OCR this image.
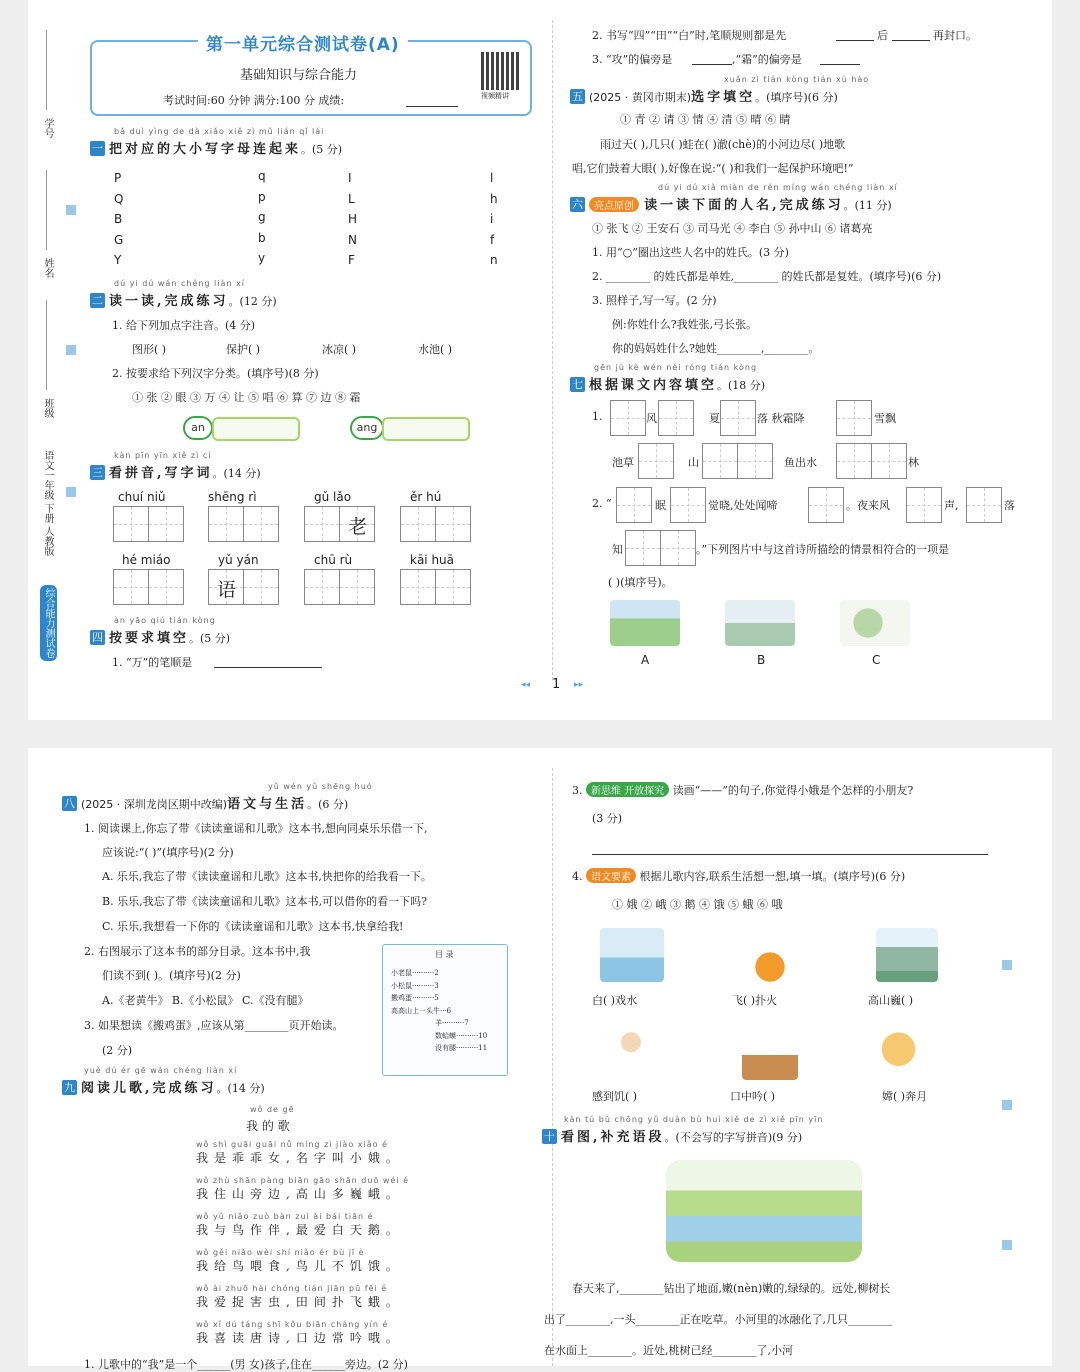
学号
姓名
班级
语文一年级 下册 人教版
综合能力测试卷
第一单元综合测试卷(A)
基础知识与综合能力
考试时间:60 分钟 满分:100 分 成绩:	视频精讲
bǎ duì yìng de dà xiǎo xiě zì mǔ lián qǐ lái
一 把对应的大小写字母连起来。(5 分)
P
Q
B
G
Y
q
p
g
b
y
I
L
H
N
F
l
h
i
f
n
dú yi dú wán chéng liàn xí
二 读一读,完成练习。(12 分)
1. 给下列加点字注音。(4 分)
图形( )	保护( )	冰凉( )	水池( )
2. 按要求给下列汉字分类。(填序号)(8 分)
① 张 ② 眼 ③ 万 ④ 让 ⑤ 唱 ⑥ 算 ⑦ 边 ⑧ 霜
an	ang
kàn pīn yīn xiě zì cí
三 看拼音,写字词。(14 分)
chuí niǔ	shēng rì	gǔ lǎo	ěr hú
老
hé miáo	yǔ yán	chū rù	kāi huā
语
àn yāo qiú tián kòng
四 按要求填空。(5 分)
1. “万”的笔顺是
2. 书写“四”“田”“白”时,笔顺规则都是先	后	再封口。
3. “攻”的偏旁是	,“霜”的偏旁是
xuǎn zì tián kòng tián xù hào
五 (2025 · 黄冈市期末)选字填空。(填序号)(6 分)
① 青 ② 请 ③ 情 ④ 清 ⑤ 晴 ⑥ 睛
雨过天( ),几只( )蛙在( )澈(chè)的小河边尽( )地歌
唱,它们鼓着大眼( ),好像在说:“( )和我们一起保护环境吧!”
dú yi dú xià miàn de rén míng wán chéng liàn xí
六 亮点原创 读一读下面的人名,完成练习。(11 分)
① 张飞 ② 王安石 ③ 司马光 ④ 李白 ⑤ 孙中山 ⑥ 诸葛亮
1. 用“○”圈出这些人名中的姓氏。(3 分)
2. ________ 的姓氏都是单姓,________ 的姓氏都是复姓。(填序号)(6 分)
3. 照样子,写一写。(2 分)
例:你姓什么?我姓张,弓长张。
你的妈妈姓什么?她姓________,________。
gēn jù kè wén nèi róng tián kòng
七 根据课文内容填空。(18 分)
1.	风	夏	落 秋霜降	雪飘
池草	山	鱼出水	林
2. “	眠	觉晓,处处闻啼	。夜来风	声,	落
知	。”下列图片中与这首诗所描绘的情景相符合的一项是
( )(填序号)。
A	B	C
◂◂ 1 ▸▸
yǔ wén yǔ shēng huó
八 (2025 · 深圳龙岗区期中改编)语文与生活。(6 分)
1. 阅读课上,你忘了带《读读童谣和儿歌》这本书,想向同桌乐乐借一下,
应该说:“( )”(填序号)(2 分)
A. 乐乐,我忘了带《读读童谣和儿歌》这本书,快把你的给我看一下。
B. 乐乐,我忘了带《读读童谣和儿歌》这本书,可以借你的看一下吗?
C. 乐乐,我想看一下你的《读读童谣和儿歌》这本书,快拿给我!
2. 右图展示了这本书的部分目录。这本书中,我
们读不到( )。(填序号)(2 分)
A.《老黄牛》 B.《小松鼠》 C.《没有腿》
3. 如果想读《搬鸡蛋》,应该从第________页开始读。
(2 分)
目 录
小老鼠··········2
小松鼠··········3
搬鸡蛋··········5
高高山上一头牛···6
羊··········7
数蛤蟆··········10
没有腿··········11
yuè dú ér gē wán chéng liàn xí
九 阅读儿歌,完成练习。(14 分)
wǒ de gē
我 的 歌
wǒ shì guāi guāi nǚ míng zì jiào xiǎo é
我是乖乖女,名字叫小娥。
wǒ zhù shān pàng biān gāo shān duō wéi é
我住山旁边,高山多巍峨。
wǒ yǔ niǎo zuò bàn zuì ài bái tiān é
我与鸟作伴,最爱白天鹅。
wǒ gěi niǎo wèi shí niǎo ér bù jī è
我给鸟喂食,鸟儿不饥饿。
wǒ ài zhuō hài chóng tián jiān pū fēi é
我爱捉害虫,田间扑飞蛾。
wǒ xǐ dú táng shī kǒu biān cháng yín é
我喜读唐诗,口边常吟哦。
1. 儿歌中的“我”是一个______(男 女)孩子,住在______旁边。(2 分)
3. 新思维 开放探究 读画“——”的句子,你觉得小娥是个怎样的小朋友?
(3 分)
4. 语文要素 根据儿歌内容,联系生活想一想,填一填。(填序号)(6 分)
① 娥 ② 峨 ③ 鹅 ④ 饿 ⑤ 蛾 ⑥ 哦
白( )戏水	飞( )扑火	高山巍( )
感到饥( )	口中吟( )	嫦( )奔月
kàn tú bǔ chōng yǔ duàn bù huì xiě de zì xiě pīn yīn
十 看图,补充语段。(不会写的字写拼音)(9 分)
春天来了,________钻出了地面,嫩(nèn)嫩的,绿绿的。远处,柳树长
出了________,一头________正在吃草。小河里的冰融化了,几只________
在水面上________。近处,桃树已经________了,小河
